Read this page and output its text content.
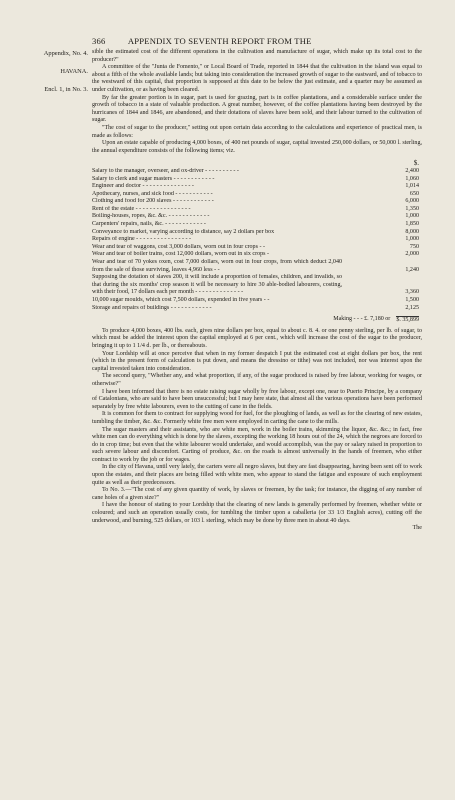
366	APPENDIX TO SEVENTH REPORT FROM THE
Appendix, No. 4.
HAVANA.
Encl. 1, in No. 3.

sible the estimated cost of the different operations in the cultivation and manufacture of sugar, which make up its total cost to the producer?"

A committee of the "Junta de Fomento," or Local Board of Trade, reported in 1844 that the cultivation in the island was equal to about a fifth of the whole available lands; but taking into consideration the increased growth of sugar to the eastward, and of tobacco to the westward of this capital, that proportion is supposed at this date to be below the just estimate, and a quarter may be assumed as under cultivation, or as having been cleared.

By far the greater portion is in sugar, part is used for grazing, part is in coffee plantations, and a considerable surface under the growth of tobacco in a state of valuable production. A great number, however, of the coffee plantations having been destroyed by the hurricanes of 1844 and 1846, are abandoned, and their dotations of slaves have been sold, and their labour turned to the cultivation of sugar.

"The cost of sugar to the producer," setting out upon certain data according to the calculations and experience of practical men, is made as follows:

Upon an estate capable of producing 4,000 boxes, of 400 net pounds of sugar, capital invested 250,000 dollars, or 50,000 l. sterling, the annual expenditure consists of the following items; viz.

$.
Salary to the manager, overseer, and ox-driver - - - - - - - - - -	2,400
Salary to clerk and sugar masters - - - - - - - - - - - -	1,060
Engineer and doctor - - - - - - - - - - - - - - -	1,014
Apothecary, nurses, and sick food - - - - - - - - - - -	650
Clothing and food for 200 slaves - - - - - - - - - - - -	6,000
Rent of the estate - - - - - - - - - - - - - - - -	1,350
Boiling-houses, ropes, &c. &c. - - - - - - - - - - - -	1,000
Carpenters' repairs, nails, &c. - - - - - - - - - - - -	1,850
Conveyance to market, varying according to distance, say 2 dollars per box	8,000
Repairs of engine - - - - - - - - - - - - - - - -	1,000
Wear and tear of waggons, cost 3,000 dollars, worn out in four crops - -	750
Wear and tear of boiler trains, cost 12,000 dollars, worn out in six crops -	2,000
Wear and tear of 70 yokes oxen, cost 7,000 dollars, worn out in four crops, from which deduct 2,040 from the sale of those surviving, leaves 4,960 less - -	1,240
Supposing the dotation of slaves 200, it will include a proportion of females, children, and invalids, so that during the six months' crop season it will be necessary to hire 30 able-bodied labourers, costing, with their food, 17 dollars each per month - - - - - - - - - - - - - -	3,360
10,000 sugar moulds, which cost 7,500 dollars, expended in five years - -	1,500
Storage and repairs of buildings - - - - - - - - - - - -	2,125
Making - - - £. 7,180 or $. 35,899

To produce 4,000 boxes, 400 lbs. each, gives nine dollars per box, equal to about c. 8. 4. or one penny sterling, per lb. of sugar, to which must be added the interest upon the capital employed at 6 per cent., which will increase the cost of the sugar to the producer, bringing it up to 1 1/4 d. per lb., or thereabouts.

Your Lordship will at once perceive that when in my former despatch I put the estimated cost at eight dollars per box, the rent (which in the present form of calculation is put down, and means the dressino or tithe) was not included, nor was interest upon the capital invested taken into consideration.

The second query, "Whether any, and what proportion, if any, of the sugar produced is raised by free labour, working for wages, or otherwise?"

I have been informed that there is no estate raising sugar wholly by free labour, except one, near to Puerto Principe, by a company of Catalonians, who are said to have been unsuccessful; but I may here state, that almost all the various operations have been performed separately by free white labourers, even to the cutting of cane in the fields.

It is common for them to contract for supplying wood for fuel, for the ploughing of lands, as well as for the clearing of new estates, tumbling the timber, &c. &c. Formerly white free men were employed in carting the cane to the mills.

The sugar masters and their assistants, who are white men, work in the boiler trains, skimming the liquor, &c. &c.; in fact, free white men can do everything which is done by the slaves, excepting the working 18 hours out of the 24, which the negroes are forced to do in crop time; but even that the white labourer would undertake, and would accomplish, was the pay or salary raised in proportion to such severe labour and discomfort. Carting of produce, &c. on the roads is almost universally in the hands of freemen, who either contract to work by the job or for wages.

In the city of Havana, until very lately, the carters were all negro slaves, but they are fast disappearing, having been sent off to work upon the estates, and their places are being filled with white men, who appear to stand the fatigue and exposure of such employment quite as well as their predecessors.

To No. 3.—"The cost of any given quantity of work, by slaves or freemen, by the task; for instance, the digging of any number of cane holes of a given size?"

I have the honour of stating to your Lordship that the clearing of new lands is generally performed by freemen, whether white or coloured; and such an operation usually costs, for tumbling the timber upon a caballeria (or 33 1/3 English acres), cutting off the underwood, and burning, 525 dollars, or 103 l. sterling, which may be done by three men in about 40 days.

The
